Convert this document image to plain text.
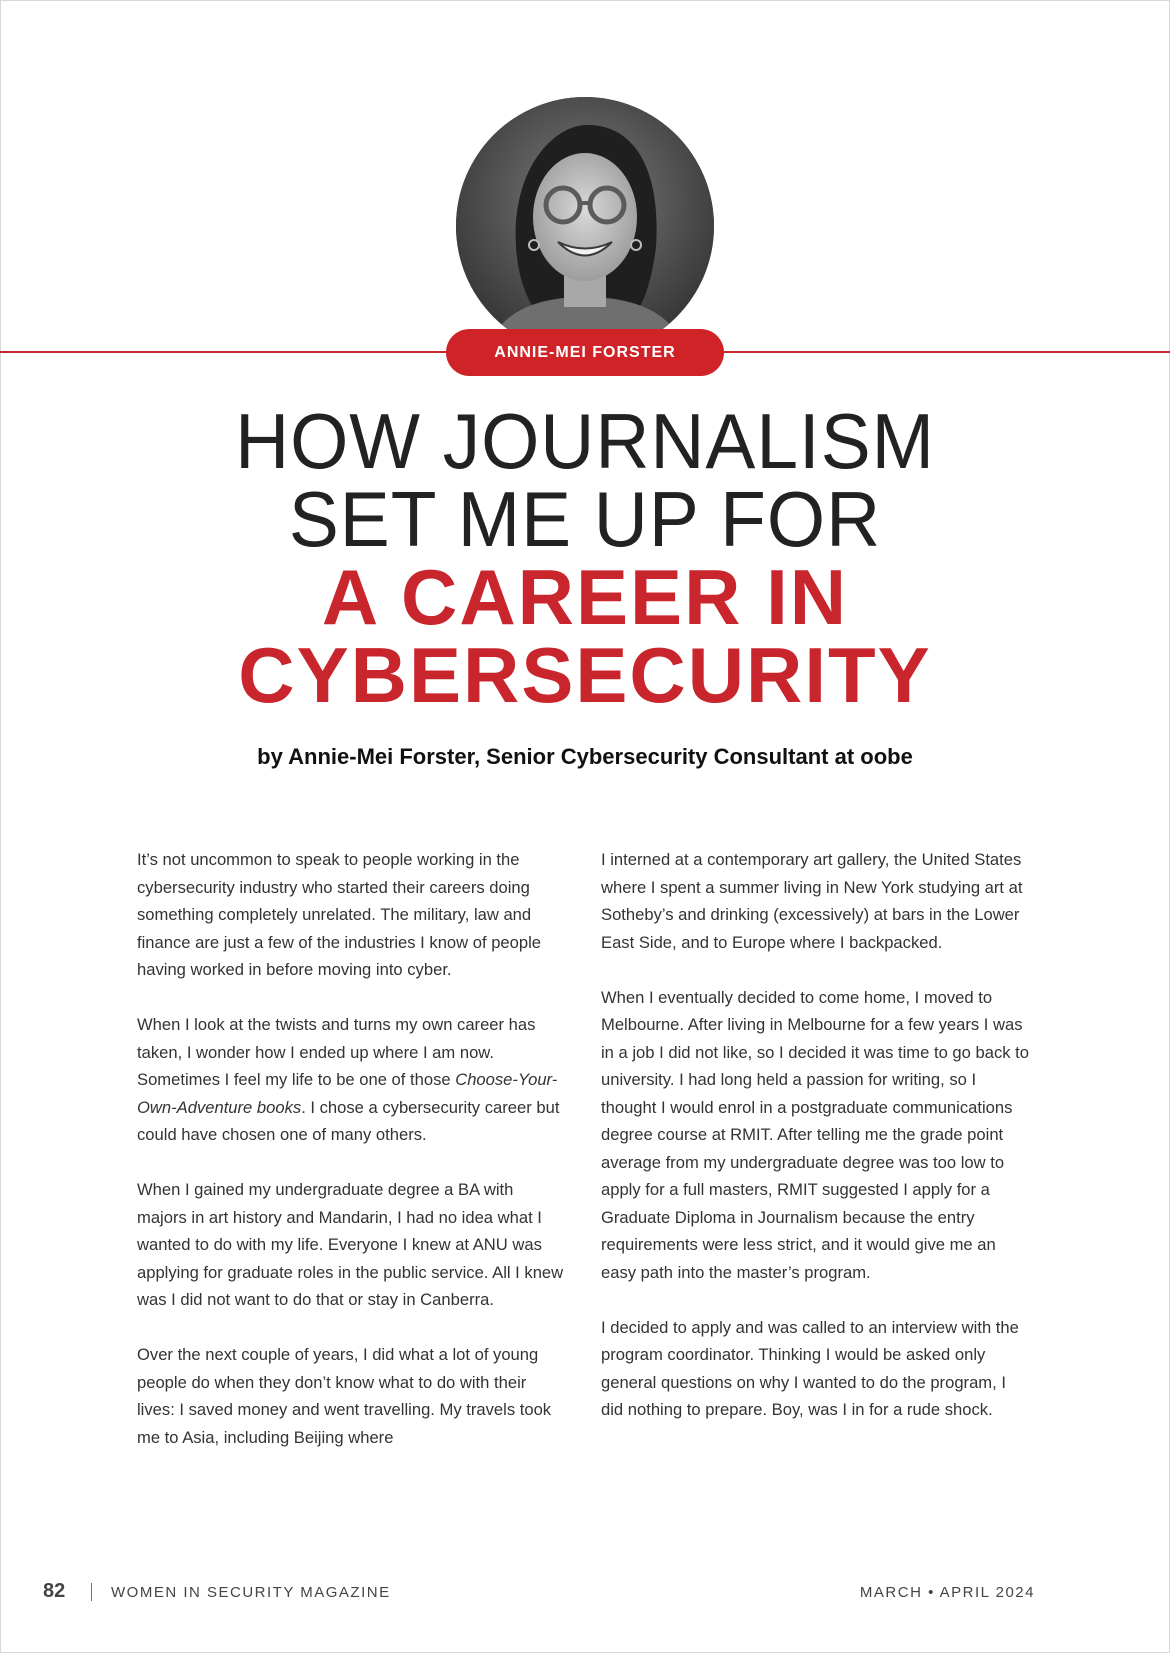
ANNIE-MEI FORSTER
HOW JOURNALISM
SET ME UP FOR
A CAREER IN
CYBERSECURITY
by Annie-Mei Forster, Senior Cybersecurity Consultant at oobe

It’s not uncommon to speak to people working in the cybersecurity industry who started their careers doing something completely unrelated. The military, law and finance are just a few of the industries I know of people having worked in before moving into cyber.

When I look at the twists and turns my own career has taken, I wonder how I ended up where I am now. Sometimes I feel my life to be one of those Choose-Your-Own-Adventure books. I chose a cybersecurity career but could have chosen one of many others.

When I gained my undergraduate degree a BA with majors in art history and Mandarin, I had no idea what I wanted to do with my life. Everyone I knew at ANU was applying for graduate roles in the public service. All I knew was I did not want to do that or stay in Canberra.

Over the next couple of years, I did what a lot of young people do when they don’t know what to do with their lives: I saved money and went travelling. My travels took me to Asia, including Beijing where

I interned at a contemporary art gallery, the United States where I spent a summer living in New York studying art at Sotheby’s and drinking (excessively) at bars in the Lower East Side, and to Europe where I backpacked.

When I eventually decided to come home, I moved to Melbourne. After living in Melbourne for a few years I was in a job I did not like, so I decided it was time to go back to university. I had long held a passion for writing, so I thought I would enrol in a postgraduate communications degree course at RMIT. After telling me the grade point average from my undergraduate degree was too low to apply for a full masters, RMIT suggested I apply for a Graduate Diploma in Journalism because the entry requirements were less strict, and it would give me an easy path into the master’s program.

I decided to apply and was called to an interview with the program coordinator. Thinking I would be asked only general questions on why I wanted to do the program, I did nothing to prepare. Boy, was I in for a rude shock.

82	WOMEN IN SECURITY MAGAZINE	MARCH • APRIL 2024
